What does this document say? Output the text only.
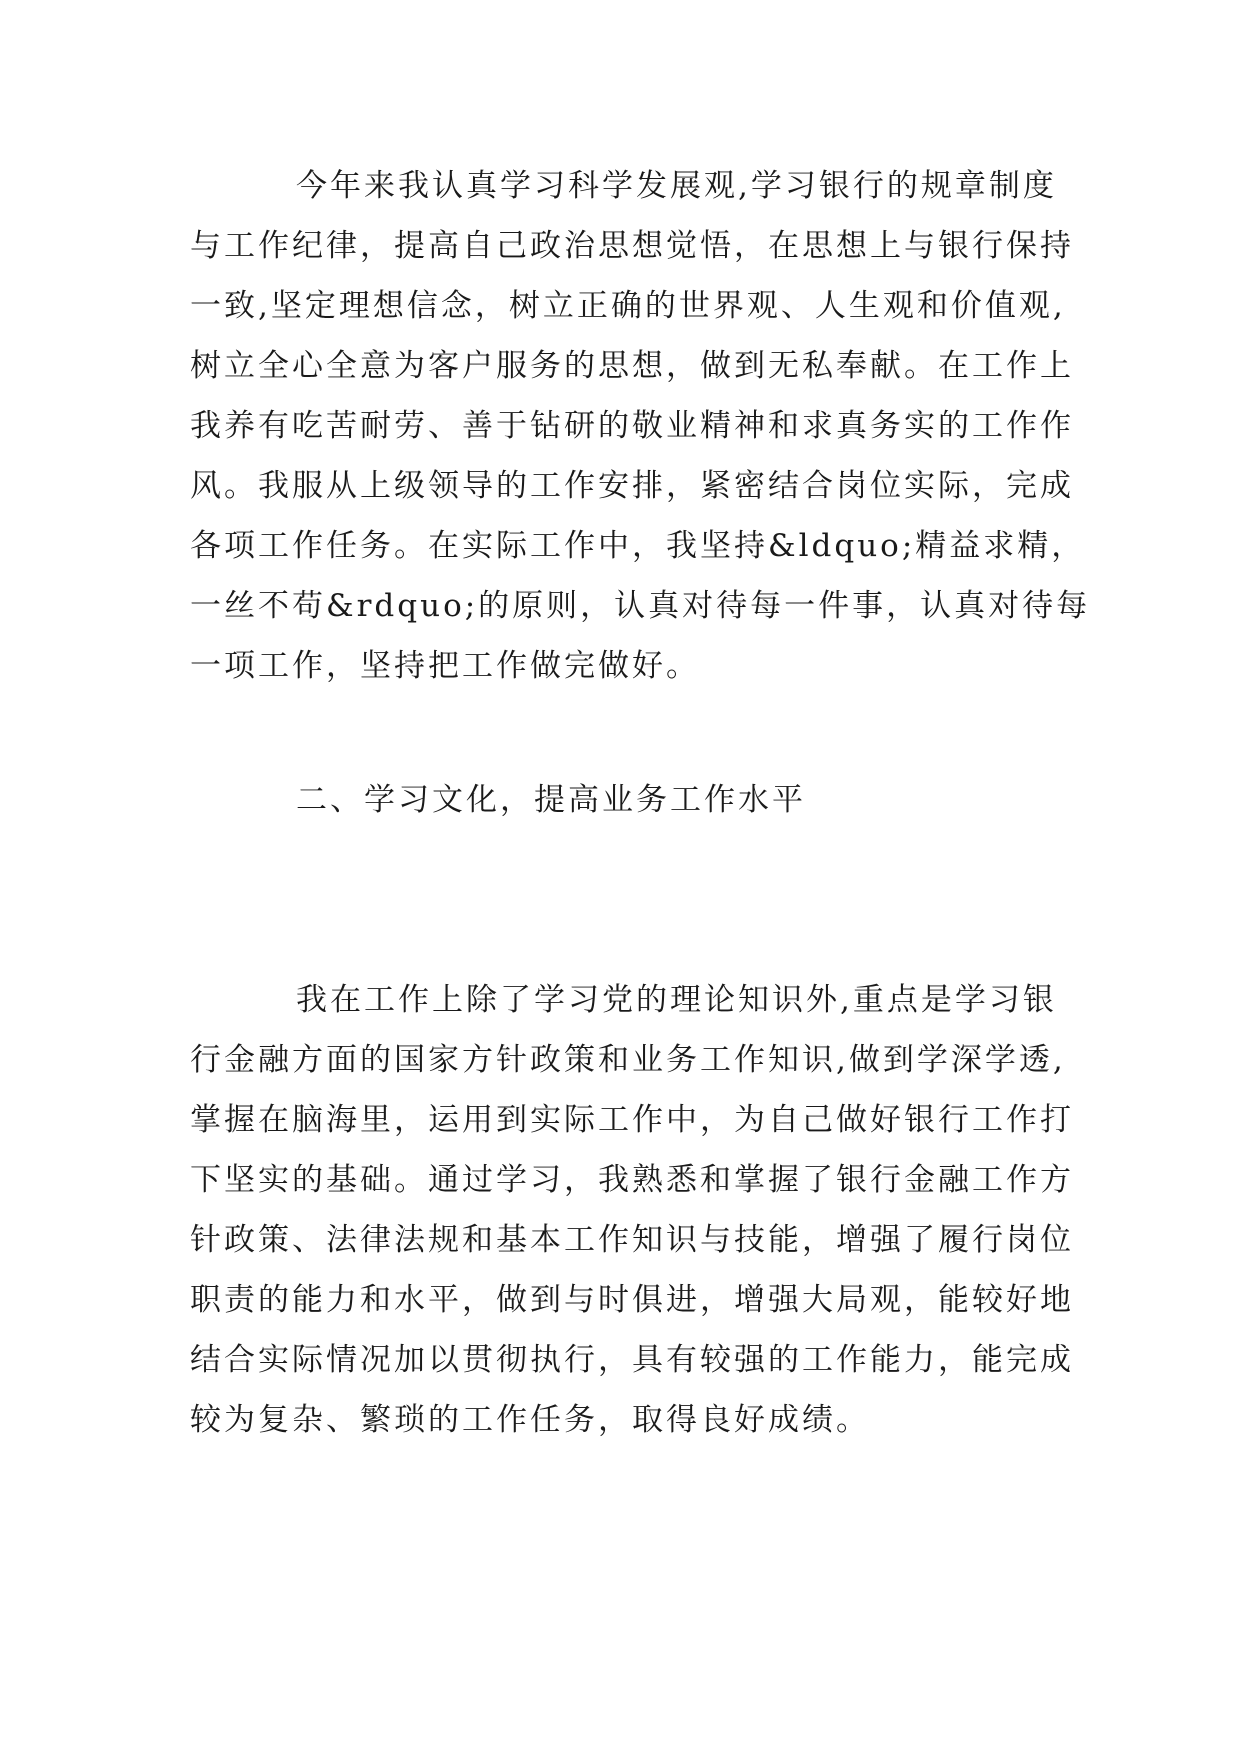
今年来我认真学习科学发展观,学习银行的规章制度
与工作纪律，提高自己政治思想觉悟，在思想上与银行保持
一致,坚定理想信念，树立正确的世界观、人生观和价值观,
树立全心全意为客户服务的思想，做到无私奉献。在工作上
我养有吃苦耐劳、善于钻研的敬业精神和求真务实的工作作
风。我服从上级领导的工作安排，紧密结合岗位实际，完成
各项工作任务。在实际工作中，我坚持&ldquo;精益求精，
一丝不苟&rdquo;的原则，认真对待每一件事，认真对待每
一项工作，坚持把工作做完做好。
二、学习文化，提高业务工作水平
我在工作上除了学习党的理论知识外,重点是学习银
行金融方面的国家方针政策和业务工作知识,做到学深学透,
掌握在脑海里，运用到实际工作中，为自己做好银行工作打
下坚实的基础。通过学习，我熟悉和掌握了银行金融工作方
针政策、法律法规和基本工作知识与技能，增强了履行岗位
职责的能力和水平，做到与时俱进，增强大局观，能较好地
结合实际情况加以贯彻执行，具有较强的工作能力，能完成
较为复杂、繁琐的工作任务，取得良好成绩。
